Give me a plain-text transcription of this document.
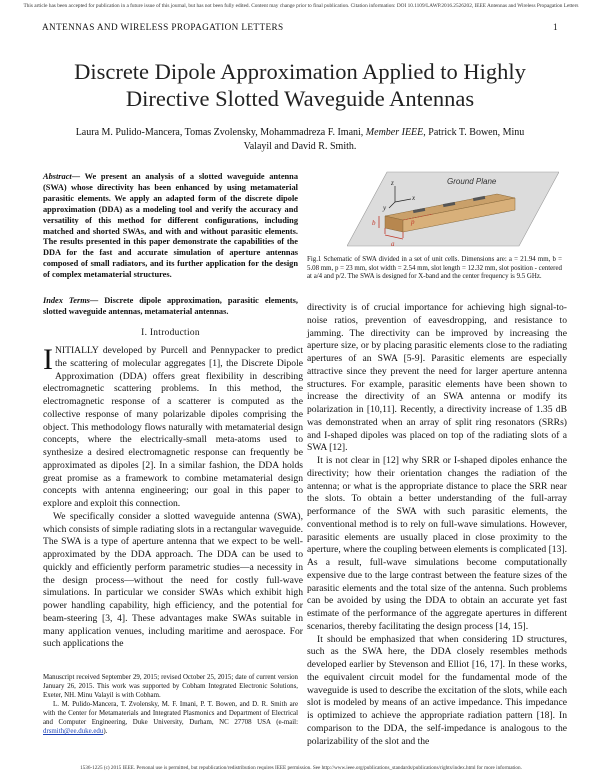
This article has been accepted for publication in a future issue of this journal, but has not been fully edited. Content may change prior to final publication. Citation information: DOI 10.1109/LAWP.2016.2526202, IEEE Antennas and Wireless Propagation Letters
ANTENNAS AND WIRELESS PROPAGATION LETTERS	1
Discrete Dipole Approximation Applied to Highly
Directive Slotted Waveguide Antennas
Laura M. Pulido-Mancera, Tomas Zvolensky, Mohammadreza F. Imani, Member IEEE, Patrick T. Bowen, Minu
Valayil and David R. Smith.
Abstract— We present an analysis of a slotted waveguide antenna (SWA) whose directivity has been enhanced by using metamaterial parasitic elements. We apply an adapted form of the discrete dipole approximation (DDA) as a modeling tool and verify the accuracy and versatility of this method for different configurations, including matched and shorted SWAs, and with and without parasitic elements. The results presented in this paper demonstrate the capabilities of the DDA for the fast and accurate simulation of aperture antennas composed of small radiators, and its further application for the design of complex metamaterial structures.
Index Terms— Discrete dipole approximation, parasitic elements, slotted waveguide antennas, metamaterial antennas.
I. Introduction

INITIALLY developed by Purcell and Pennypacker to predict the scattering of molecular aggregates [1], the Discrete Dipole Approximation (DDA) offers great flexibility in describing electromagnetic scattering problems. In this method, the electromagnetic response of a scatterer is computed as the collective response of many polarizable dipoles comprising the object. This methodology flows naturally with metamaterial design concepts, where the electrically-small meta-atoms used to synthesize a desired electromagnetic response can frequently be approximated as dipoles [2]. In a similar fashion, the DDA holds great promise as a framework to combine metamaterial design concepts with antenna engineering; our goal in this paper to explore and exploit this connection.

We specifically consider a slotted waveguide antenna (SWA), which consists of simple radiating slots in a rectangular waveguide. The SWA is a type of aperture antenna that we expect to be well-approximated by the DDA approach. The DDA can be used to quickly and efficiently perform parametric studies—a necessity in the design process—without the need for costly full-wave simulations. In particular we consider SWAs which exhibit high power handling capability, high efficiency, and the potential for beam-steering [3, 4]. These advantages make SWAs suitable in many application venues, including maritime and aerospace. For such applications the

Manuscript received September 29, 2015; revised October 25, 2015; date of current version January 26, 2015. This work was supported by Cobham Integrated Electronic Solutions, Exeter, NH. Minu Valayil is with Cobham.

L. M. Pulido-Mancera, T. Zvolensky, M. F. Imani, P. T. Bowen, and D. R. Smith are with the Center for Metamaterials and Integrated Plasmonics and Department of Electrical and Computer Engineering, Duke University, Durham, NC 27708 USA (e-mail: drsmith@ee.duke.edu).

Ground Plane
z
x
y
a
b	p
Fig.1 Schematic of SWA divided in a set of unit cells. Dimensions are: a = 21.94 mm, b = 5.08 mm, p = 23 mm, slot width = 2.54 mm, slot length = 12.32 mm, slot position - centered at a/4 and p/2. The SWA is designed for X-band and the center frequency is 9.5 GHz.

directivity is of crucial importance for achieving high signal-to-noise ratios, prevention of eavesdropping, and resistance to jamming. The directivity can be improved by increasing the aperture size, or by placing parasitic elements close to the radiating apertures of an SWA [5-9]. Parasitic elements are especially attractive since they prevent the need for larger aperture antenna structures. For example, parasitic elements have been shown to increase the directivity of an SWA antenna or modify its polarization in [10,11]. Recently, a directivity increase of 1.35 dB was demonstrated when an array of split ring resonators (SRRs) and I-shaped dipoles was placed on top of the radiating slots of a SWA [12].

It is not clear in [12] why SRR or I-shaped dipoles enhance the directivity; how their orientation changes the radiation of the antenna; or what is the appropriate distance to place the SRR near the slots. To obtain a better understanding of the full-array performance of the SWA with such parasitic elements, the conventional method is to rely on full-wave simulations. However, parasitic elements are usually placed in close proximity to the aperture, where the coupling between elements is complicated [13]. As a result, full-wave simulations become computationally expensive due to the large contrast between the feature sizes of the parasitic elements and the total size of the antenna. Such problems can be avoided by using the DDA to obtain an accurate yet fast estimate of the performance of the aggregate apertures in different scenarios, thereby facilitating the design process [14, 15].

It should be emphasized that when considering 1D structures, such as the SWA here, the DDA closely resembles methods developed earlier by Stevenson and Elliot [16, 17]. In these works, the equivalent circuit model for the fundamental mode of the waveguide is used to describe the excitation of the slots, while each slot is modeled by means of an active impedance. This impedance is optimized to achieve the appropriate radiation pattern [18]. In comparison to the DDA, the self-impedance is analogous to the polarizability of the slot and the

1536-1225 (c) 2015 IEEE. Personal use is permitted, but republication/redistribution requires IEEE permission. See http://www.ieee.org/publications_standards/publications/rights/index.html for more information.
